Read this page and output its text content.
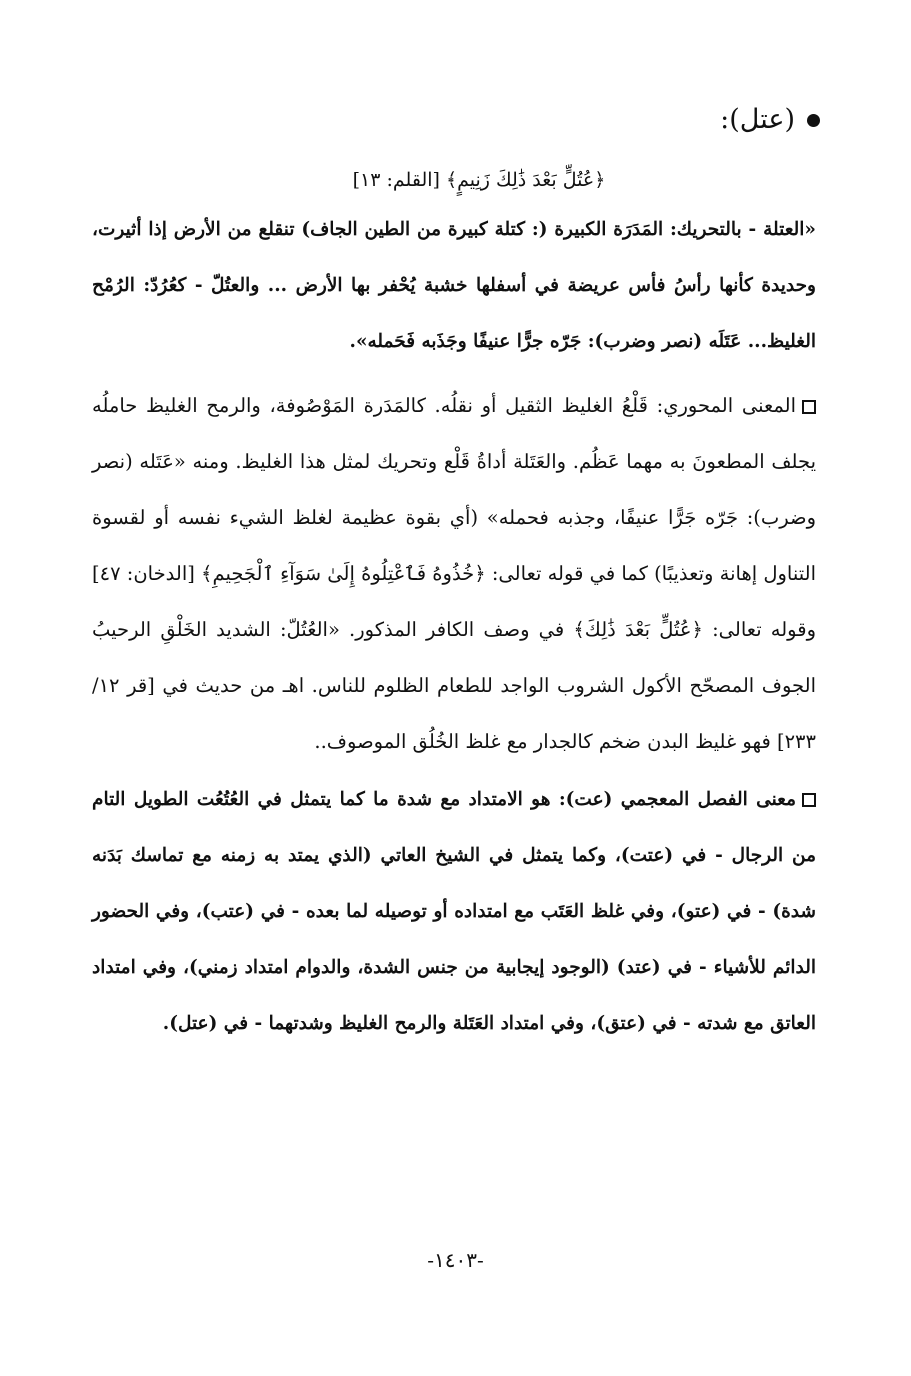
(عتل):
﴿عُتُلٍّ بَعْدَ ذَٰلِكَ زَنِيمٍ﴾ [القلم: ١٣]

«العتلة - بالتحريك: المَدَرَة الكبيرة (: كتلة كبيرة من الطين الجاف) تنقلع من الأرض إذا أثيرت، وحديدة كأنها رأسُ فأس عريضة في أسفلها خشبة يُحْفر بها الأرض ... والعتُلّ - كعُرُدّ: الرُمْح الغليظ... عَتَلَه (نصر وضرب): جَرّه جرًّا عنيفًا وجَذَبه فَحَمله».

المعنى المحوري: قَلْعُ الغليظ الثقيل أو نقلُه. كالمَدَرة المَوْصُوفة، والرمح الغليظ حاملُه يجلف المطعونَ به مهما عَظُم. والعَتَلة أداةُ قَلْع وتحريك لمثل هذا الغليظ. ومنه «عَتَله (نصر وضرب): جَرّه جَرًّا عنيفًا، وجذبه فحمله» (أي بقوة عظيمة لغلظ الشيء نفسه أو لقسوة التناول إهانة وتعذيبًا) كما في قوله تعالى: ﴿خُذُوهُ فَٱعْتِلُوهُ إِلَىٰ سَوَآءِ ٱلْجَحِيمِ﴾ [الدخان: ٤٧] وقوله تعالى: ﴿عُتُلٍّ بَعْدَ ذَٰلِكَ﴾ في وصف الكافر المذكور. «العُتُلّ: الشديد الخَلْقِ الرحيبُ الجوف المصحّح الأكول الشروب الواجد للطعام الظلوم للناس. اهـ من حديث في [قر ١٢/ ٢٣٣] فهو غليظ البدن ضخم كالجدار مع غلظ الخُلُق الموصوف..

معنى الفصل المعجمي (عت): هو الامتداد مع شدة ما كما يتمثل في العُتُعُت الطويل التام من الرجال - في (عتت)، وكما يتمثل في الشيخ العاتي (الذي يمتد به زمنه مع تماسك بَدَنه شدة) - في (عتو)، وفي غلظ العَتَب مع امتداده أو توصيله لما بعده - في (عتب)، وفي الحضور الدائم للأشياء - في (عتد) (الوجود إيجابية من جنس الشدة، والدوام امتداد زمني)، وفي امتداد العاتق مع شدته - في (عتق)، وفي امتداد العَتَلة والرمح الغليظ وشدتهما - في (عتل).

-١٤٠٣-
